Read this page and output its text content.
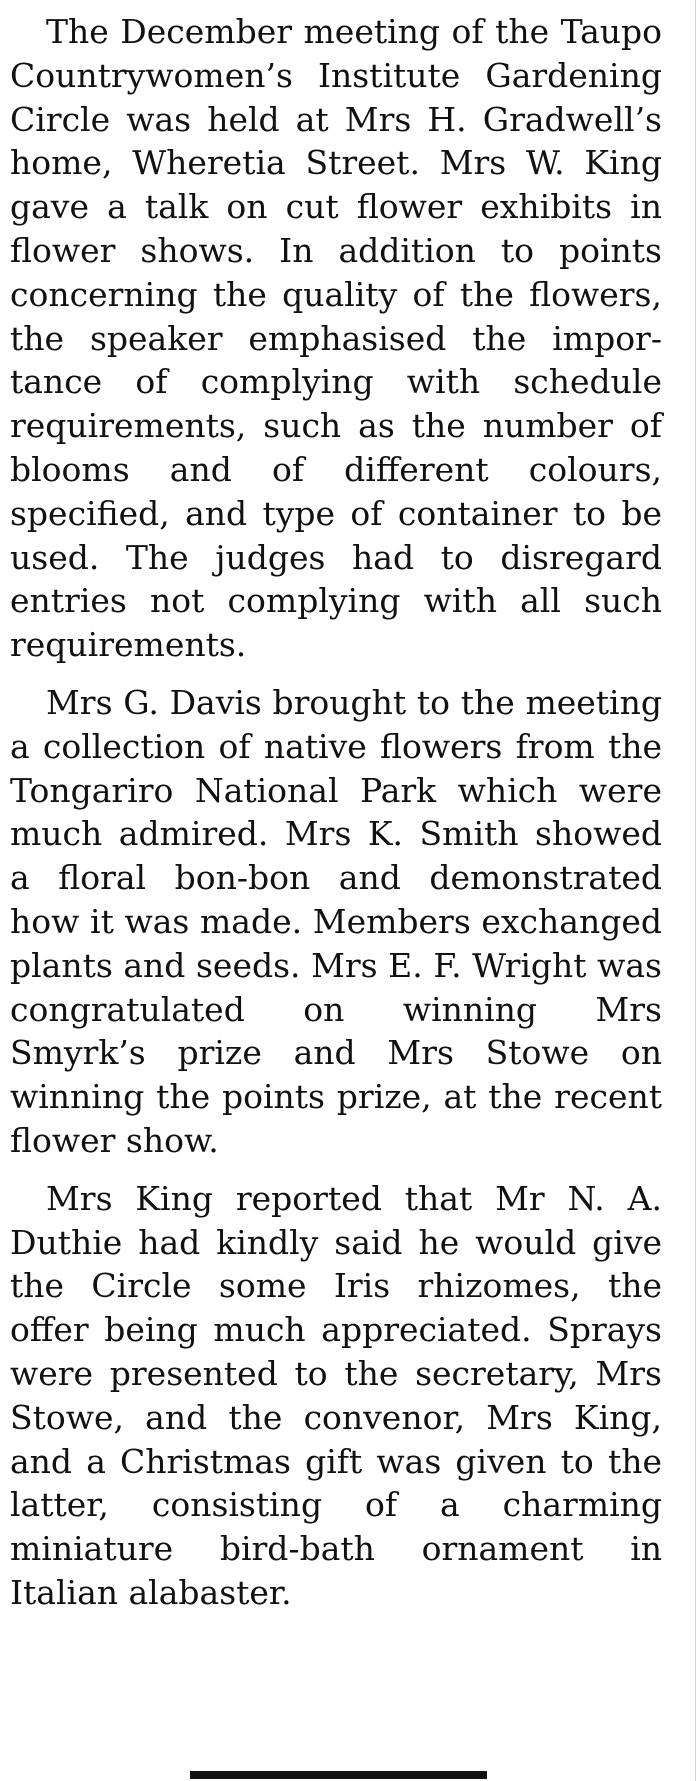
The December meeting of the Taupo Countrywomen’s Institute Gardening Circle was held at Mrs H. Gradwell’s home, Wheretia Street. Mrs W. King gave a talk on cut flower exhibits in flower shows. In addition to points concerning the quality of the flowers, the speaker emphasised the importance of complying with schedule requirements, such as the number of blooms and of different colours, specified, and type of container to be used. The judges had to disregard entries not complying with all such requirements.

Mrs G. Davis brought to the meeting a collection of native flowers from the Tongariro National Park which were much admired. Mrs K. Smith showed a floral bon-bon and demonstrated how it was made. Members exchanged plants and seeds. Mrs E. F. Wright was congratulated on winning Mrs Smyrk’s prize and Mrs Stowe on winning the points prize, at the recent flower show.

Mrs King reported that Mr N. A. Duthie had kindly said he would give the Circle some Iris rhizomes, the offer being much appreciated. Sprays were presented to the secretary, Mrs Stowe, and the convenor, Mrs King, and a Christmas gift was given to the latter, consisting of a charming miniature bird-bath ornament in Italian alabaster.
